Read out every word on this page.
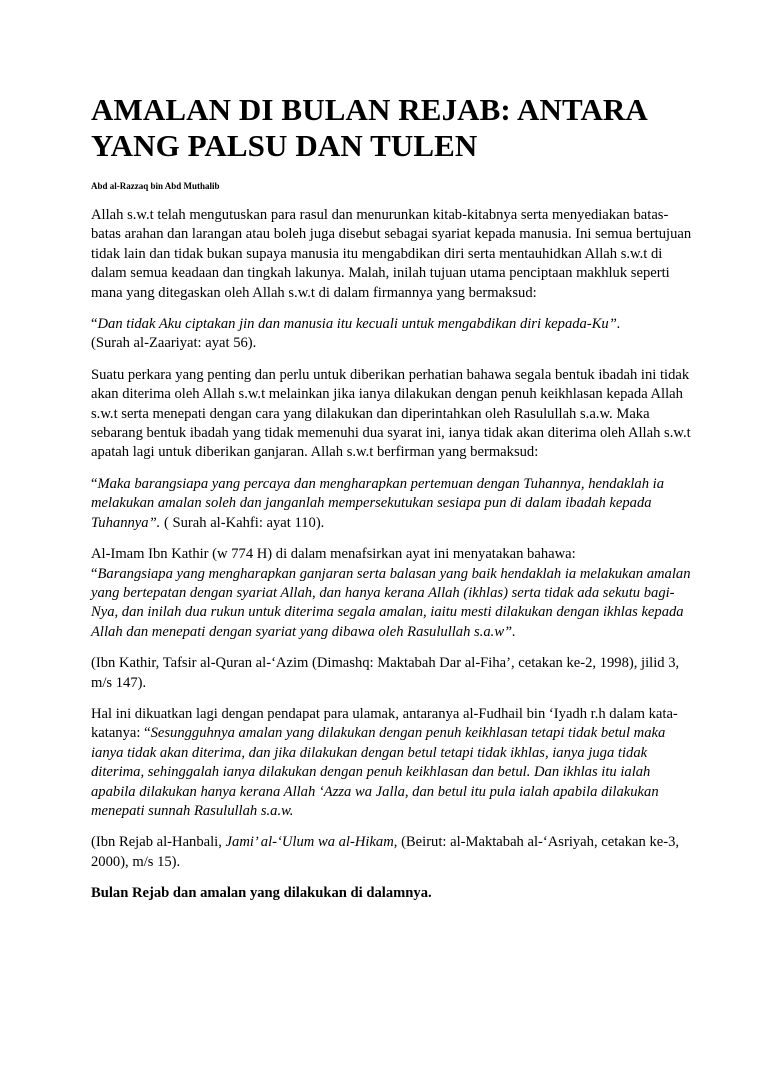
AMALAN DI BULAN REJAB: ANTARA YANG PALSU DAN TULEN
Abd al-Razzaq bin Abd Muthalib

Allah s.w.t telah mengutuskan para rasul dan menurunkan kitab-kitabnya serta menyediakan batas-batas arahan dan larangan atau boleh juga disebut sebagai syariat kepada manusia. Ini semua bertujuan tidak lain dan tidak bukan supaya manusia itu mengabdikan diri serta mentauhidkan Allah s.w.t di dalam semua keadaan dan tingkah lakunya. Malah, inilah tujuan utama penciptaan makhluk seperti mana yang ditegaskan oleh Allah s.w.t di dalam firmannya yang bermaksud:

“Dan tidak Aku ciptakan jin dan manusia itu kecuali untuk mengabdikan diri kepada-Ku”.
(Surah al-Zaariyat: ayat 56).

Suatu perkara yang penting dan perlu untuk diberikan perhatian bahawa segala bentuk ibadah ini tidak akan diterima oleh Allah s.w.t melainkan jika ianya dilakukan dengan penuh keikhlasan kepada Allah s.w.t serta menepati dengan cara yang dilakukan dan diperintahkan oleh Rasulullah s.a.w. Maka sebarang bentuk ibadah yang tidak memenuhi dua syarat ini, ianya tidak akan diterima oleh Allah s.w.t apatah lagi untuk diberikan ganjaran. Allah s.w.t berfirman yang bermaksud:

“Maka barangsiapa yang percaya dan mengharapkan pertemuan dengan Tuhannya, hendaklah ia melakukan amalan soleh dan janganlah mempersekutukan sesiapa pun di dalam ibadah kepada Tuhannya”. ( Surah al-Kahfi: ayat 110).

Al-Imam Ibn Kathir (w 774 H) di dalam menafsirkan ayat ini menyatakan bahawa:
“Barangsiapa yang mengharapkan ganjaran serta balasan yang baik hendaklah ia melakukan amalan yang bertepatan dengan syariat Allah, dan hanya kerana Allah (ikhlas) serta tidak ada sekutu bagi-Nya, dan inilah dua rukun untuk diterima segala amalan, iaitu mesti dilakukan dengan ikhlas kepada Allah dan menepati dengan syariat yang dibawa oleh Rasulullah s.a.w”.

(Ibn Kathir, Tafsir al-Quran al-‘Azim (Dimashq: Maktabah Dar al-Fiha’, cetakan ke-2, 1998), jilid 3, m/s 147).

Hal ini dikuatkan lagi dengan pendapat para ulamak, antaranya al-Fudhail bin ‘Iyadh r.h dalam kata-katanya: “Sesungguhnya amalan yang dilakukan dengan penuh keikhlasan tetapi tidak betul maka ianya tidak akan diterima, dan jika dilakukan dengan betul tetapi tidak ikhlas, ianya juga tidak diterima, sehinggalah ianya dilakukan dengan penuh keikhlasan dan betul. Dan ikhlas itu ialah apabila dilakukan hanya kerana Allah ‘Azza wa Jalla, dan betul itu pula ialah apabila dilakukan menepati sunnah Rasulullah s.a.w.

(Ibn Rejab al-Hanbali, Jami’ al-‘Ulum wa al-Hikam, (Beirut: al-Maktabah al-‘Asriyah, cetakan ke-3, 2000), m/s 15).

Bulan Rejab dan amalan yang dilakukan di dalamnya.
